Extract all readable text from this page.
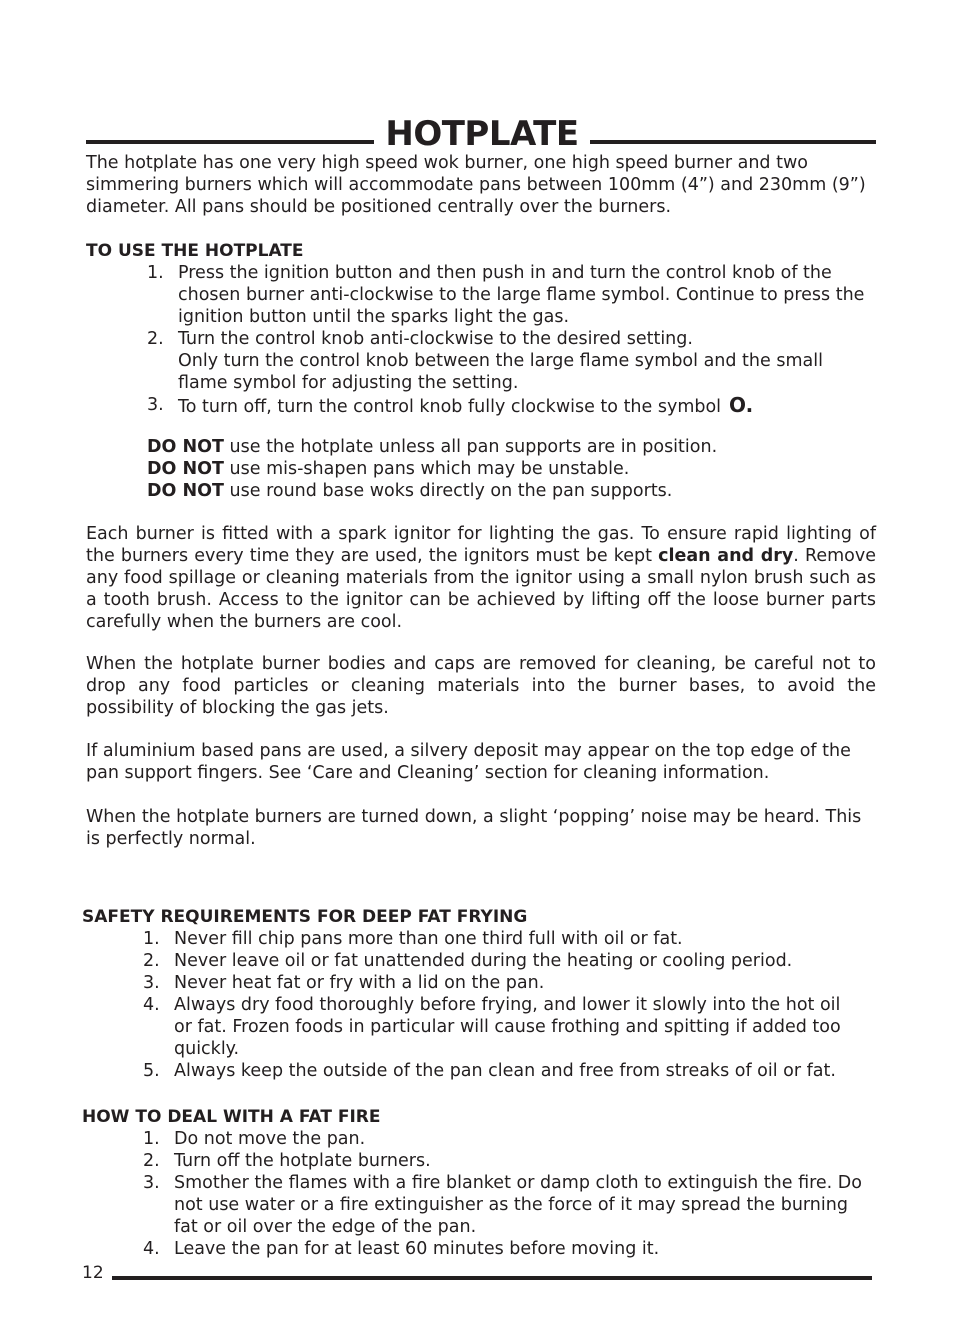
HOTPLATE

The hotplate has one very high speed wok burner, one high speed burner and two simmering burners which will accommodate pans between 100mm (4”) and 230mm (9”) diameter. All pans should be positioned centrally over the burners.

TO USE THE HOTPLATE

1. Press the ignition button and then push in and turn the control knob of the chosen burner anti-clockwise to the large flame symbol. Continue to press the ignition button until the sparks light the gas.
2. Turn the control knob anti-clockwise to the desired setting.
Only turn the control knob between the large flame symbol and the small flame symbol for adjusting the setting.
3. To turn off, turn the control knob fully clockwise to the symbol O.

DO NOT use the hotplate unless all pan supports are in position.

DO NOT use mis-shapen pans which may be unstable.

DO NOT use round base woks directly on the pan supports.

Each burner is fitted with a spark ignitor for lighting the gas. To ensure rapid lighting of the burners every time they are used, the ignitors must be kept clean and dry. Remove any food spillage or cleaning materials from the ignitor using a small nylon brush such as a tooth brush. Access to the ignitor can be achieved by lifting off the loose burner parts carefully when the burners are cool.

When the hotplate burner bodies and caps are removed for cleaning, be careful not to drop any food particles or cleaning materials into the burner bases, to avoid the possibility of blocking the gas jets.

If aluminium based pans are used, a silvery deposit may appear on the top edge of the pan support fingers. See ‘Care and Cleaning’ section for cleaning information.

When the hotplate burners are turned down, a slight ‘popping’ noise may be heard. This is perfectly normal.

SAFETY REQUIREMENTS FOR DEEP FAT FRYING

1. Never fill chip pans more than one third full with oil or fat.
2. Never leave oil or fat unattended during the heating or cooling period.
3. Never heat fat or fry with a lid on the pan.
4. Always dry food thoroughly before frying, and lower it slowly into the hot oil or fat. Frozen foods in particular will cause frothing and spitting if added too quickly.
5. Always keep the outside of the pan clean and free from streaks of oil or fat.

HOW TO DEAL WITH A FAT FIRE

1. Do not move the pan.
2. Turn off the hotplate burners.
3. Smother the flames with a fire blanket or damp cloth to extinguish the fire. Do not use water or a fire extinguisher as the force of it may spread the burning fat or oil over the edge of the pan.
4. Leave the pan for at least 60 minutes before moving it.
12
